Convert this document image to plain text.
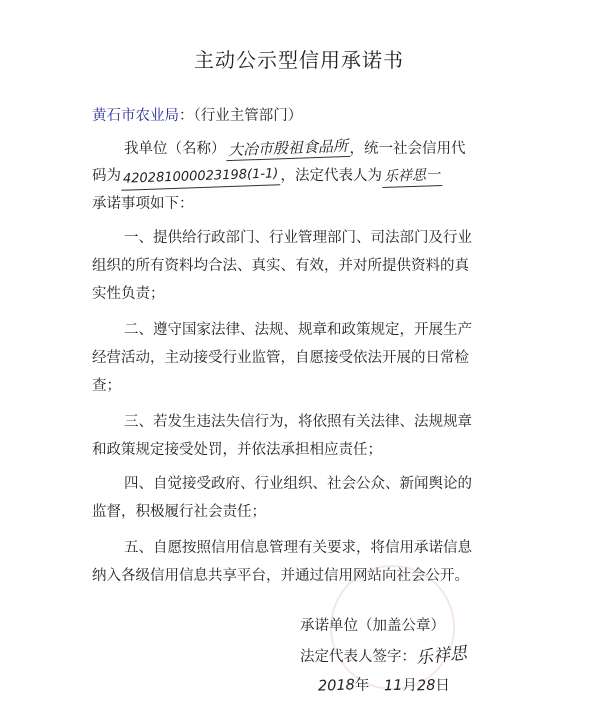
主动公示型信用承诺书
黄石市农业局：（行业主管部门）
我单位（名称） 大冶市殷祖食品所 ，统一社会信用代
码为 420281000023198(1-1) ，法定代表人为 乐祥思一
承诺事项如下：
一、提供给行政部门、行业管理部门、司法部门及行业
组织的所有资料均合法、真实、有效，并对所提供资料的真
实性负责；
二、遵守国家法律、法规、规章和政策规定，开展生产
经营活动，主动接受行业监管，自愿接受依法开展的日常检
查；
三、若发生违法失信行为，将依照有关法律、法规规章
和政策规定接受处罚，并依法承担相应责任；
四、自觉接受政府、行业组织、社会公众、新闻舆论的
监督，积极履行社会责任；
五、自愿按照信用信息管理有关要求，将信用承诺信息
纳入各级信用信息共享平台，并通过信用网站向社会公开。
承诺单位（加盖公章）
法定代表人签字：乐祥思
2018年 11月28日
